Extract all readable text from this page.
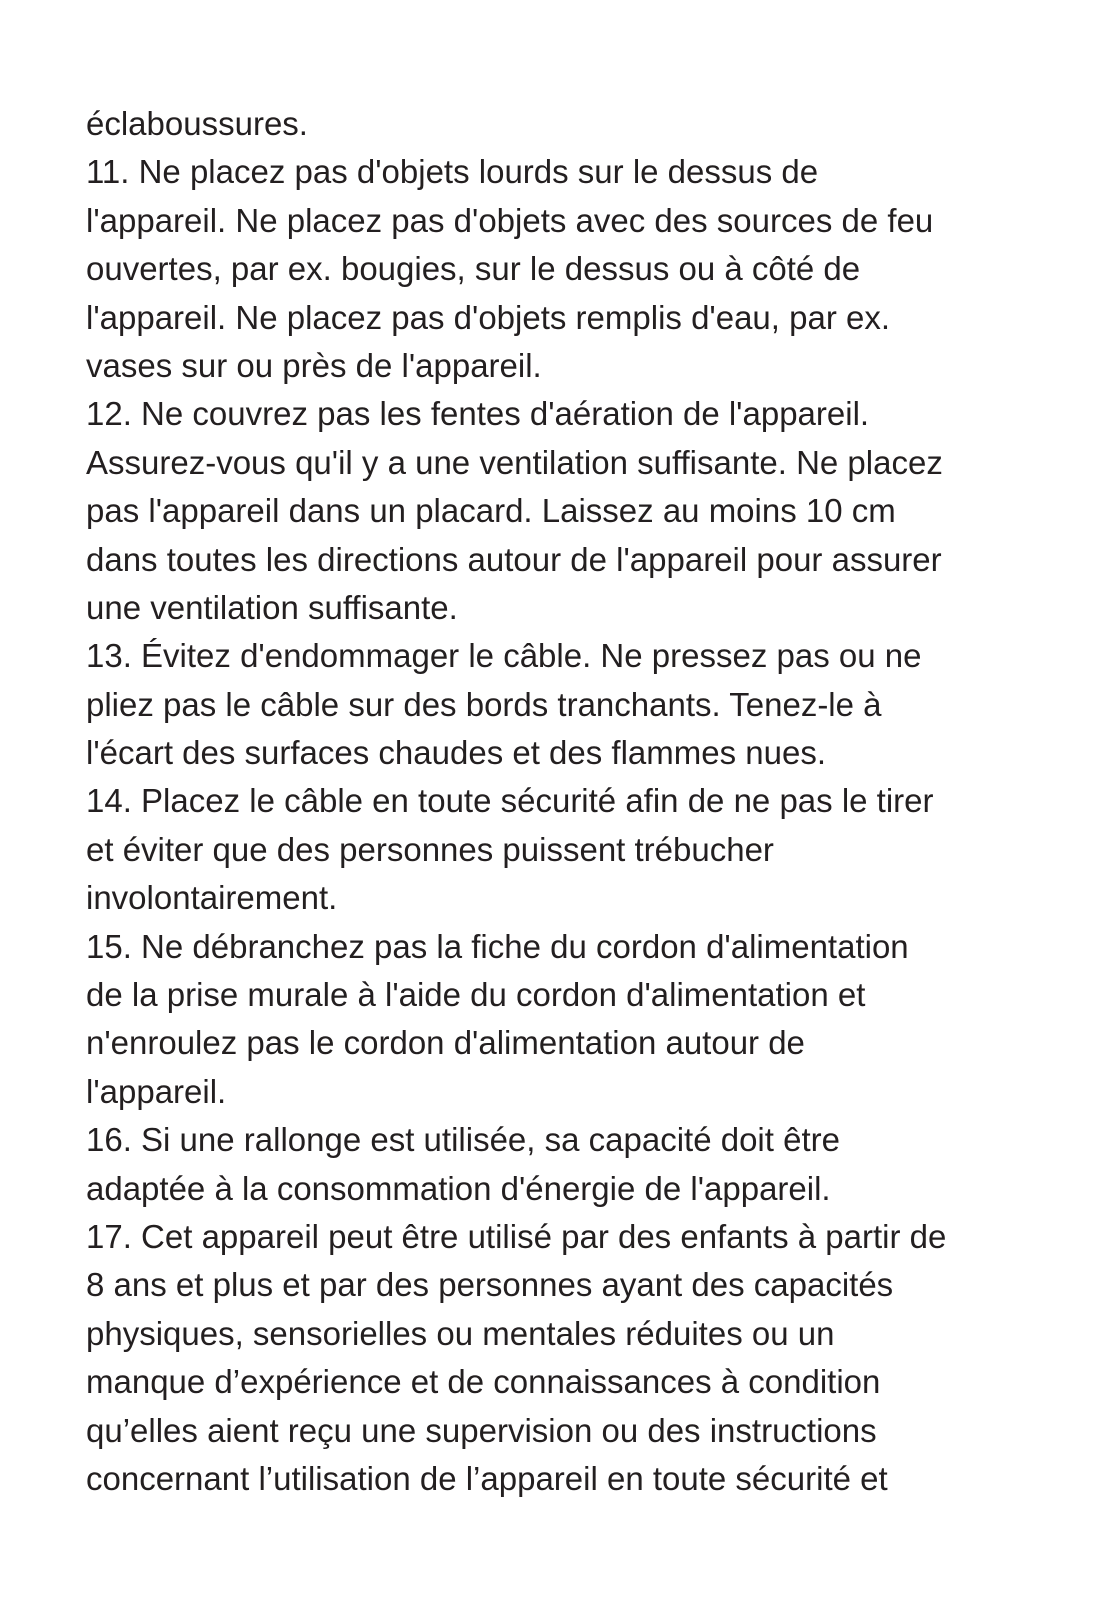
éclaboussures.
11. Ne placez pas d'objets lourds sur le dessus de
l'appareil. Ne placez pas d'objets avec des sources de feu
ouvertes, par ex. bougies, sur le dessus ou à côté de
l'appareil. Ne placez pas d'objets remplis d'eau, par ex.
vases sur ou près de l'appareil.
12. Ne couvrez pas les fentes d'aération de l'appareil.
Assurez-vous qu'il y a une ventilation suffisante. Ne placez
pas l'appareil dans un placard. Laissez au moins 10 cm
dans toutes les directions autour de l'appareil pour assurer
une ventilation suffisante.
13. Évitez d'endommager le câble. Ne pressez pas ou ne
pliez pas le câble sur des bords tranchants. Tenez-le à
l'écart des surfaces chaudes et des flammes nues.
14. Placez le câble en toute sécurité afin de ne pas le tirer
et éviter que des personnes puissent trébucher
involontairement.
15. Ne débranchez pas la fiche du cordon d'alimentation
de la prise murale à l'aide du cordon d'alimentation et
n'enroulez pas le cordon d'alimentation autour de
l'appareil.
16. Si une rallonge est utilisée, sa capacité doit être
adaptée à la consommation d'énergie de l'appareil.
17. Cet appareil peut être utilisé par des enfants à partir de
8 ans et plus et par des personnes ayant des capacités
physiques, sensorielles ou mentales réduites ou un
manque d’expérience et de connaissances à condition
qu’elles aient reçu une supervision ou des instructions
concernant l’utilisation de l’appareil en toute sécurité et
